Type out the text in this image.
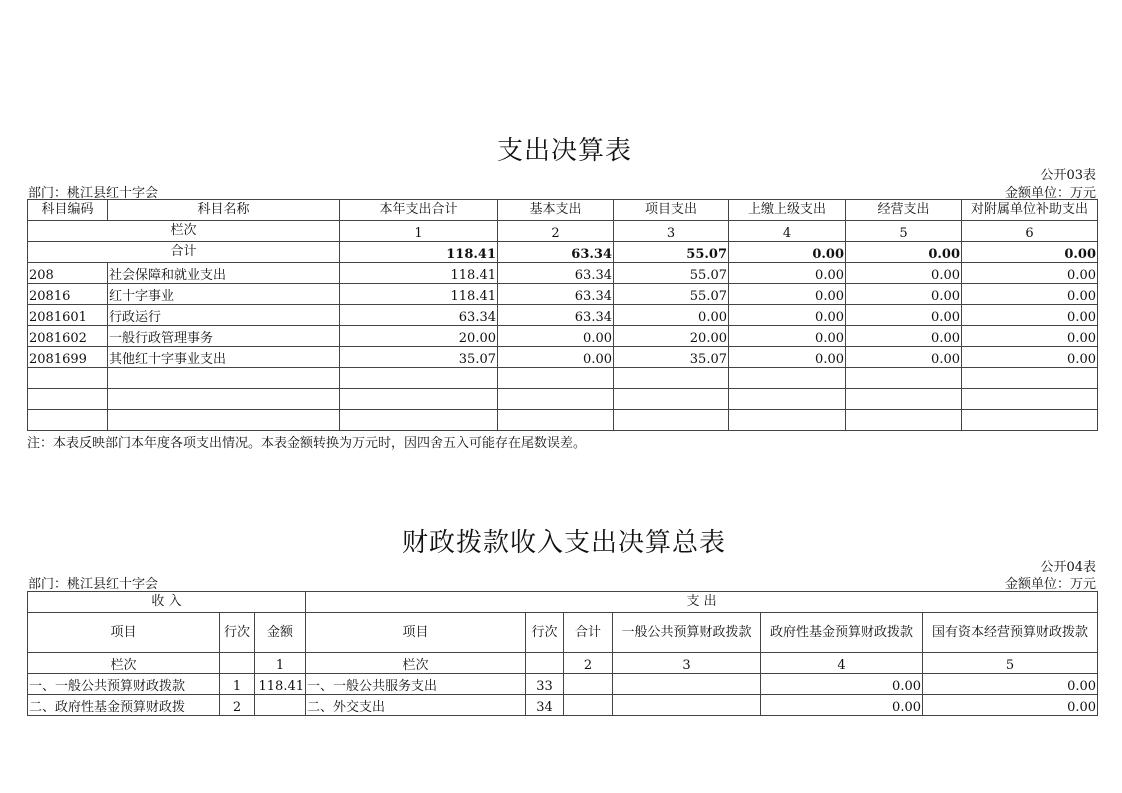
支出决算表
公开03表
部门：桃江县红十字会	金额单位：万元
科目编码	科目名称	本年支出合计	基本支出	项目支出	上缴上级支出	经营支出	对附属单位补助支出
栏次		1	2	3	4	5	6
合计		118.41	63.34	55.07	0.00	0.00	0.00
208	社会保障和就业支出	118.41	63.34	55.07	0.00	0.00	0.00
20816	红十字事业	118.41	63.34	55.07	0.00	0.00	0.00
2081601	行政运行	63.34	63.34	0.00	0.00	0.00	0.00
2081602	一般行政管理事务	20.00	0.00	20.00	0.00	0.00	0.00
2081699	其他红十字事业支出	35.07	0.00	35.07	0.00	0.00	0.00

注：本表反映部门本年度各项支出情况。本表金额转换为万元时，因四舍五入可能存在尾数误差。
财政拨款收入支出决算总表
公开04表
部门：桃江县红十字会	金额单位：万元
收 入			支 出					
项目	行次	金额	项目	行次	合计	一般公共预算财政拨款	政府性基金预算财政拨款	国有资本经营预算财政拨款
栏次		1	栏次		2	3	4	5
一、一般公共预算财政拨款	1	118.41	一、一般公共服务支出	33			0.00	0.00
二、政府性基金预算财政拨	2		二、外交支出	34			0.00	0.00
